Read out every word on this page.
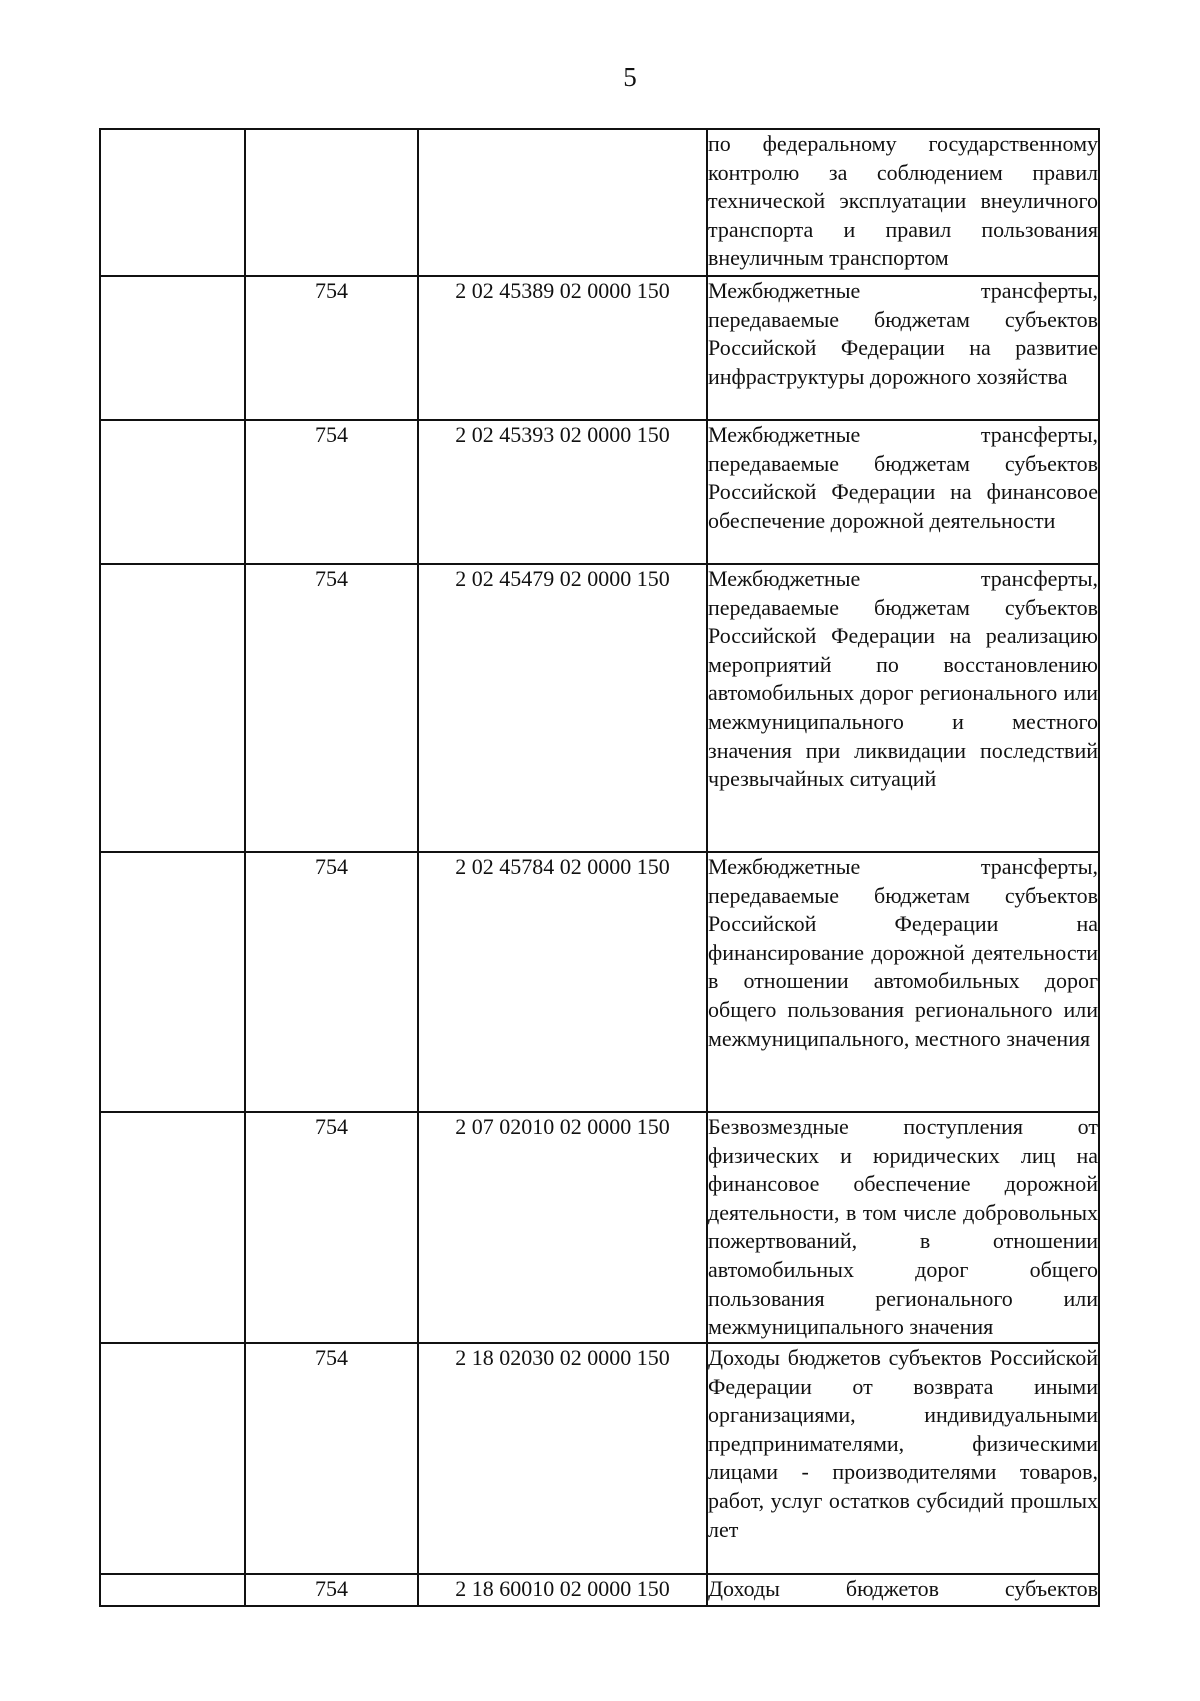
5
			по федеральному государственному контролю за соблюдением правил технической эксплуатации внеуличного транспорта и правил пользования внеуличным транспортом
	754	2 02 45389 02 0000 150	Межбюджетные трансферты, передаваемые бюджетам субъектов Российской Федерации на развитие инфраструктуры дорожного хозяйства
	754	2 02 45393 02 0000 150	Межбюджетные трансферты, передаваемые бюджетам субъектов Российской Федерации на финансовое обеспечение дорожной деятельности
	754	2 02 45479 02 0000 150	Межбюджетные трансферты, передаваемые бюджетам субъектов Российской Федерации на реализацию мероприятий по восстановлению автомобильных дорог регионального или межмуниципального и местного значения при ликвидации последствий чрезвычайных ситуаций
	754	2 02 45784 02 0000 150	Межбюджетные трансферты, передаваемые бюджетам субъектов Российской Федерации на финансирование дорожной деятельности в отношении автомобильных дорог общего пользования регионального или межмуниципального, местного значения
	754	2 07 02010 02 0000 150	Безвозмездные поступления от физических и юридических лиц на финансовое обеспечение дорожной деятельности, в том числе добровольных пожертвований, в отношении автомобильных дорог общего пользования регионального или межмуниципального значения
	754	2 18 02030 02 0000 150	Доходы бюджетов субъектов Российской Федерации от возврата иными организациями, индивидуальными предпринимателями, физическими лицами - производителями товаров, работ, услуг остатков субсидий прошлых лет
	754	2 18 60010 02 0000 150	Доходы бюджетов субъектов
